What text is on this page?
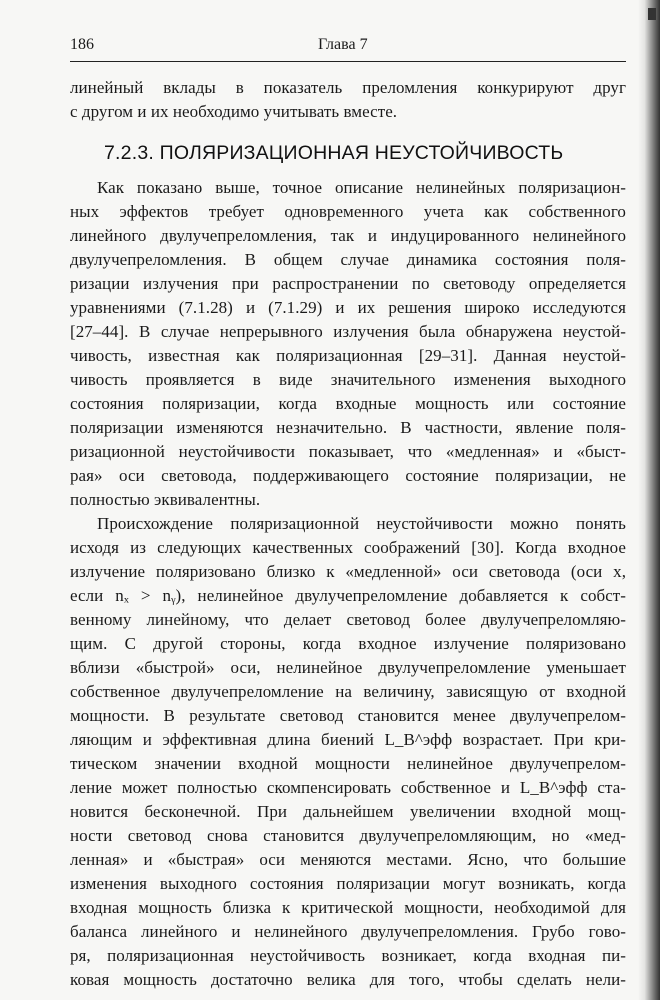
186	Глава 7
линейный вклады в показатель преломления конкурируют друг
с другом и их необходимо учитывать вместе.
7.2.3. ПОЛЯРИЗАЦИОННАЯ НЕУСТОЙЧИВОСТЬ
Как показано выше, точное описание нелинейных поляризацион-
ных эффектов требует одновременного учета как собственного
линейного двулучепреломления, так и индуцированного нелинейного
двулучепреломления. В общем случае динамика состояния поля-
ризации излучения при распространении по световоду определяется
уравнениями (7.1.28) и (7.1.29) и их решения широко исследуются
[27–44]. В случае непрерывного излучения была обнаружена неустой-
чивость, известная как поляризационная [29–31]. Данная неустой-
чивость проявляется в виде значительного изменения выходного
состояния поляризации, когда входные мощность или состояние
поляризации изменяются незначительно. В частности, явление поля-
ризационной неустойчивости показывает, что «медленная» и «быст-
рая» оси световода, поддерживающего состояние поляризации, не
полностью эквивалентны.
Происхождение поляризационной неустойчивости можно понять
исходя из следующих качественных соображений [30]. Когда входное
излучение поляризовано близко к «медленной» оси световода (оси x,
если nₓ > nᵧ), нелинейное двулучепреломление добавляется к собст-
венному линейному, что делает световод более двулучепреломляю-
щим. С другой стороны, когда входное излучение поляризовано
вблизи «быстрой» оси, нелинейное двулучепреломление уменьшает
собственное двулучепреломление на величину, зависящую от входной
мощности. В результате световод становится менее двулучепрелом-
ляющим и эффективная длина биений L_B^эфф возрастает. При кри-
тическом значении входной мощности нелинейное двулучепрелом-
ление может полностью скомпенсировать собственное и L_B^эфф ста-
новится бесконечной. При дальнейшем увеличении входной мощ-
ности световод снова становится двулучепреломляющим, но «мед-
ленная» и «быстрая» оси меняются местами. Ясно, что большие
изменения выходного состояния поляризации могут возникать, когда
входная мощность близка к критической мощности, необходимой для
баланса линейного и нелинейного двулучепреломления. Грубо гово-
ря, поляризационная неустойчивость возникает, когда входная пи-
ковая мощность достаточно велика для того, чтобы сделать нели-
